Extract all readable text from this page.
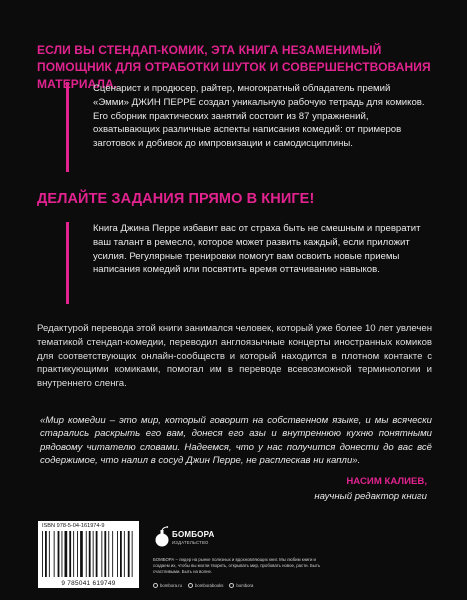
ЕСЛИ ВЫ СТЕНДАП-КОМИК, ЭТА КНИГА НЕЗАМЕНИМЫЙ ПОМОЩНИК ДЛЯ ОТРАБОТКИ ШУТОК И СОВЕРШЕНСТВОВАНИЯ МАТЕРИАЛА.
Сценарист и продюсер, райтер, многократный обладатель премий «Эмми» ДЖИН ПЕРРЕ создал уникальную рабочую тетрадь для комиков. Его сборник практических занятий состоит из 87 упражнений, охватывающих различные аспекты написания комедий: от примеров заготовок и добивок до импровизации и самодисциплины.
ДЕЛАЙТЕ ЗАДАНИЯ ПРЯМО В КНИГЕ!
Книга Джина Перре избавит вас от страха быть не смешным и превратит ваш талант в ремесло, которое может развить каждый, если приложит усилия. Регулярные тренировки помогут вам освоить новые приемы написания комедий или посвятить время оттачиванию навыков.
Редактурой перевода этой книги занимался человек, который уже более 10 лет увлечен тематикой стендап-комедии, переводил англоязычные концерты иностранных комиков для соответствующих онлайн-сообществ и который находится в плотном контакте с практикующими комиками, помогал им в переводе всевозможной терминологии и внутреннего сленга.
«Мир комедии – это мир, который говорит на собственном языке, и мы всячески старались раскрыть его вам, донеся его азы и внутреннюю кухню понятными рядовому читателю словами. Надеемся, что у нас получится донести до вас всё содержимое, что налил в сосуд Джин Перре, не расплескав ни капли».
НАСИМ КАЛИЕВ,
научный редактор книги
ISBN 978-5-04-161974-9
9 785041 619749
БОМБОРА
ИЗДАТЕЛЬСТВО
БОМБОРА – лидер на рынке полезных и вдохновляющих книг. Мы любим книги и создаем их, чтобы вы могли творить, открывать мир, пробовать новое, расти. Быть счастливыми. Быть на волне.
bombora.ru	bomborabooks	bombora
